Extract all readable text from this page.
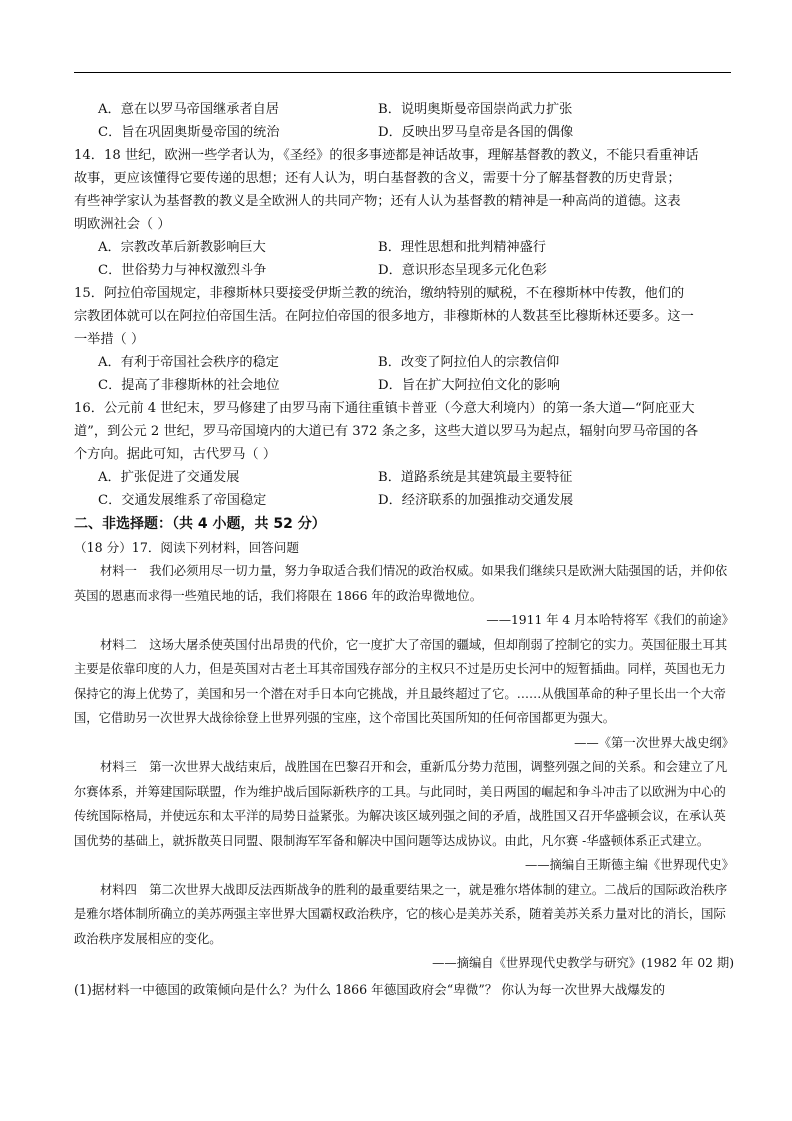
A．意在以罗马帝国继承者自居	B．说明奥斯曼帝国崇尚武力扩张
C．旨在巩固奥斯曼帝国的统治	D．反映出罗马皇帝是各国的偶像
14．18 世纪，欧洲一些学者认为，《圣经》的很多事迹都是神话故事，理解基督教的教义，不能只看重神话
故事，更应该懂得它要传递的思想；还有人认为，明白基督教的含义，需要十分了解基督教的历史背景；
有些神学家认为基督教的教义是全欧洲人的共同产物；还有人认为基督教的精神是一种高尚的道德。这表
明欧洲社会（ ）
A．宗教改革后新教影响巨大	B．理性思想和批判精神盛行
C．世俗势力与神权激烈斗争	D．意识形态呈现多元化色彩
15．阿拉伯帝国规定，非穆斯林只要接受伊斯兰教的统治，缴纳特别的赋税，不在穆斯林中传教，他们的
宗教团体就可以在阿拉伯帝国生活。在阿拉伯帝国的很多地方，非穆斯林的人数甚至比穆斯林还要多。这一
一举措（ ）
A．有利于帝国社会秩序的稳定	B．改变了阿拉伯人的宗教信仰
C．提高了非穆斯林的社会地位	D．旨在扩大阿拉伯文化的影响
16．公元前 4 世纪末，罗马修建了由罗马南下通往重镇卡普亚（今意大利境内）的第一条大道—“阿庇亚大
道”，到公元 2 世纪，罗马帝国境内的大道已有 372 条之多，这些大道以罗马为起点，辐射向罗马帝国的各
个方向。据此可知，古代罗马（ ）
A．扩张促进了交通发展	B．道路系统是其建筑最主要特征
C．交通发展维系了帝国稳定	D．经济联系的加强推动交通发展
二、非选择题：（共 4 小题，共 52 分）
（18 分）17．阅读下列材料，回答问题

材料一　我们必须用尽一切力量，努力争取适合我们情况的政治权威。如果我们继续只是欧洲大陆强国的话，并仰依英国的恩惠而求得一些殖民地的话，我们将限在 1866 年的政治卑微地位。

——1911 年 4 月本哈特将军《我们的前途》

材料二　这场大屠杀使英国付出昂贵的代价，它一度扩大了帝国的疆域，但却削弱了控制它的实力。英国征服土耳其主要是依靠印度的人力，但是英国对古老土耳其帝国残存部分的主权只不过是历史长河中的短暂插曲。同样，英国也无力保持它的海上优势了，美国和另一个潜在对手日本向它挑战，并且最终超过了它。……从俄国革命的种子里长出一个大帝国，它借助另一次世界大战徐徐登上世界列强的宝座，这个帝国比英国所知的任何帝国都更为强大。

——《第一次世界大战史纲》

材料三　第一次世界大战结束后，战胜国在巴黎召开和会，重新瓜分势力范围，调整列强之间的关系。和会建立了凡尔赛体系，并筹建国际联盟，作为维护战后国际新秩序的工具。与此同时，美日两国的崛起和争斗冲击了以欧洲为中心的传统国际格局，并使远东和太平洋的局势日益紧张。为解决该区域列强之间的矛盾，战胜国又召开华盛顿会议，在承认英国优势的基础上，就拆散英日同盟、限制海军军备和解决中国问题等达成协议。由此，凡尔赛 -华盛顿体系正式建立。

——摘编自王斯德主编《世界现代史》

材料四　第二次世界大战即反法西斯战争的胜利的最重要结果之一，就是雅尔塔体制的建立。二战后的国际政治秩序是雅尔塔体制所确立的美苏两强主宰世界大国霸权政治秩序，它的核心是美苏关系，随着美苏关系力量对比的消长，国际政治秩序发展相应的变化。

——摘编自《世界现代史教学与研究》(1982 年 02 期)

(1)据材料一中德国的政策倾向是什么？为什么 1866 年德国政府会“卑微”？ 你认为每一次世界大战爆发的
